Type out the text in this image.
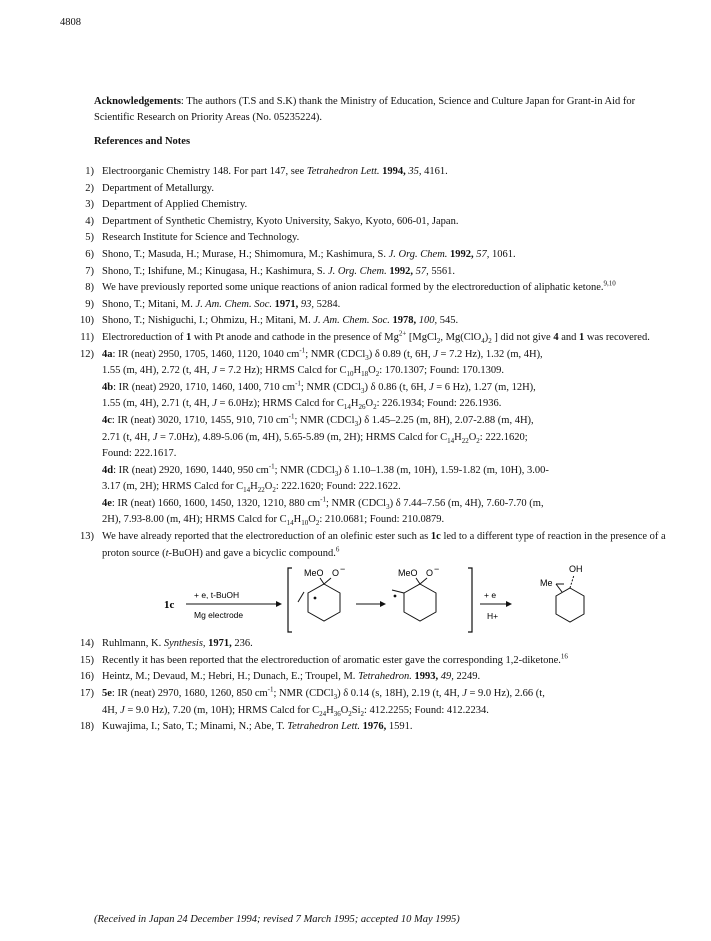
4808
Acknowledgements: The authors (T.S and S.K) thank the Ministry of Education, Science and Culture Japan for Grant-in Aid for Scientific Research on Priority Areas (No. 05235224).
References and Notes
1) Electroorganic Chemistry 148. For part 147, see Tetrahedron Lett. 1994, 35, 4161.
2) Department of Metallurgy.
3) Department of Applied Chemistry.
4) Department of Synthetic Chemistry, Kyoto University, Sakyo, Kyoto, 606-01, Japan.
5) Research Institute for Science and Technology.
6) Shono, T.; Masuda, H.; Murase, H.; Shimomura, M.; Kashimura, S. J. Org. Chem. 1992, 57, 1061.
7) Shono, T.; Ishifune, M.; Kinugasa, H.; Kashimura, S. J. Org. Chem. 1992, 57, 5561.
8) We have previously reported some unique reactions of anion radical formed by the electroreduction of aliphatic ketone.$^{9,10}$
9) Shono, T.; Mitani, M. J. Am. Chem. Soc. 1971, 93, 5284.
10) Shono, T.; Nishiguchi, I.; Ohmizu, H.; Mitani, M. J. Am. Chem. Soc. 1978, 100, 545.
11) Electroreduction of 1 with Pt anode and cathode in the presence of $Mg^{2+}$ [MgCl$_2$, $Mg(ClO_4)_2$ ] did not give 4 and 1 was recovered.
12) 4a: IR (neat) 2950, 1705, 1460, 1120, 1040 $cm^{-1}$; NMR (CDCl$_3$) δ 0.89 (t, 6H, J = 7.2 Hz), 1.32 (m, 4H),

1.55 (m, 4H), 2.72 (t, 4H, J = 7.2 Hz); HRMS Calcd for $C_{10}H_{18}O_2$: 170.1307; Found: 170.1309.

4b: IR (neat) 2920, 1710, 1460, 1400, 710 $cm^{-1}$; NMR (CDCl$_3$) δ 0.86 (t, 6H, J = 6 Hz), 1.27 (m, 12H),

1.55 (m, 4H), 2.71 (t, 4H, J = 6.0Hz); HRMS Calcd for $C_{14}H_{26}O_2$: 226.1934; Found: 226.1936.

4c: IR (neat) 3020, 1710, 1455, 910, 710 $cm^{-1}$; NMR (CDCl$_3$) δ 1.45–2.25 (m, 8H), 2.07-2.88 (m, 4H),

2.71 (t, 4H, J = 7.0Hz), 4.89-5.06 (m, 4H), 5.65-5.89 (m, 2H); HRMS Calcd for $C_{14}H_{22}O_2$: 222.1620;

Found: 222.1617.

4d: IR (neat) 2920, 1690, 1440, 950 $cm^{-1}$; NMR (CDCl$_3$) δ 1.10–1.38 (m, 10H), 1.59-1.82 (m, 10H), 3.00-

3.17 (m, 2H); HRMS Calcd for $C_{14}H_{22}O_2$: 222.1620; Found: 222.1622.

4e: IR (neat) 1660, 1600, 1450, 1320, 1210, 880 $cm^{-1}$; NMR (CDCl$_3$) δ 7.44–7.56 (m, 4H), 7.60-7.70 (m,

2H), 7.93-8.00 (m, 4H); HRMS Calcd for $C_{14}H_{10}O_2$: 210.0681; Found: 210.0879.

13) We have already reported that the electroreduction of an olefinic ester such as 1c led to a different type of reaction in the presence of a proton source (t-BuOH) and gave a bicyclic compound.$^6$
1c
+ e, t-BuOH
Mg electrode
MeO O −	MeO O −
+ e
H+
OH
Me
14) Ruhlmann, K. Synthesis, 1971, 236.
15) Recently it has been reported that the electroreduction of aromatic ester gave the corresponding 1,2-diketone.$^{16}$
16) Heintz, M.; Devaud, M.; Hebri, H.; Dunach, E.; Troupel, M. Tetrahedron. 1993, 49, 2249.
17) 5e: IR (neat) 2970, 1680, 1260, 850 $cm^{-1}$; NMR (CDCl$_3$) δ 0.14 (s, 18H), 2.19 (t, 4H, J = 9.0 Hz), 2.66 (t,

4H, J = 9.0 Hz), 7.20 (m, 10H); HRMS Calcd for $C_{24}H_{36}O_2Si_2$: 412.2255; Found: 412.2234.

18) Kuwajima, I.; Sato, T.; Minami, N.; Abe, T. Tetrahedron Lett. 1976, 1591.
(Received in Japan 24 December 1994; revised 7 March 1995; accepted 10 May 1995)
